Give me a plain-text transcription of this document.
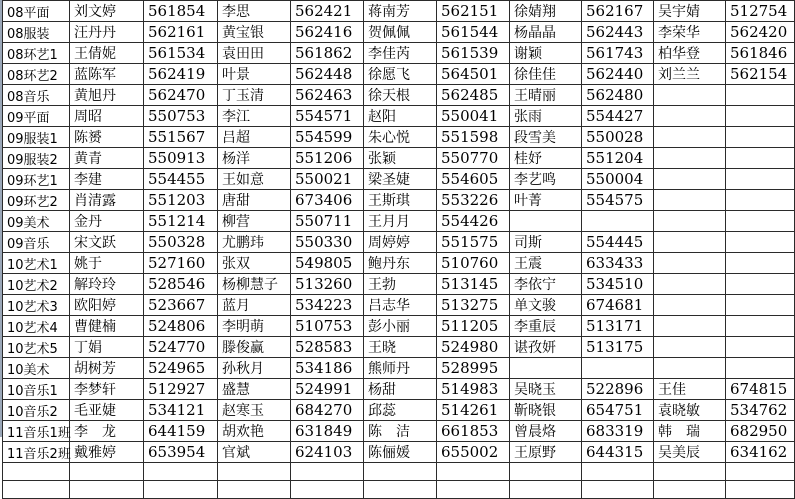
08平面	刘文婷	561854	李思	562421	蒋南芳	562151	徐婧翔	562167	吴宇婧	512754
08服装	汪丹丹	562161	黄宝银	562416	贺佩佩	561544	杨晶晶	562443	李荣华	562420
08环艺1	王倩妮	561534	袁田田	561862	李佳芮	561539	谢颖	561743	柏华登	561846
08环艺2	蓝陈军	562419	叶景	562448	徐愿飞	564501	徐佳佳	562440	刘兰兰	562154
08音乐	黄旭丹	562470	丁玉清	562463	徐天根	562485	王晴丽	562480		
09平面	周昭	550753	李江	554571	赵阳	550041	张雨	554427		
09服装1	陈赟	551567	吕超	554599	朱心悦	551598	段雪美	550028		
09服装2	黄青	550913	杨洋	551206	张颖	550770	桂妤	551204		
09环艺1	李建	554455	王如意	550021	梁圣婕	554605	李艺鸣	550004		
09环艺2	肖清露	551203	唐甜	673406	王斯琪	553226	叶菁	554575		
09美术	金丹	551214	柳营	550711	王月月	554426				
09音乐	宋文跃	550328	尤鹏玮	550330	周婷婷	551575	司斯	554445		
10艺术1	姚于	527160	张双	549805	鲍丹东	510760	王震	633433		
10艺术2	解玲玲	528546	杨柳慧子	513260	王勃	513145	李依宁	534510		
10艺术3	欧阳婷	523667	蓝月	534223	吕志华	513275	单文骏	674681		
10艺术4	曹健楠	524806	李明萌	510753	彭小丽	511205	李重辰	513171		
10艺术5	丁娟	524770	滕俊赢	528583	王晓	524980	谌孜妍	513175		
10美术	胡树芳	524965	孙秋月	534186	熊师丹	528995				
10音乐1	李梦轩	512927	盛慧	524991	杨甜	514983	吴晓玉	522896	王佳	674815
10音乐2	毛亚婕	534121	赵寒玉	684270	邱蕊	514261	靳晓银	654751	袁晓敏	534762
11音乐1班	李　龙	644159	胡欢艳	631849	陈　洁	661853	曾晨烙	683319	韩　瑞	682950
11音乐2班	戴雅婷	653954	官斌	624103	陈俪媛	655002	王原野	644315	吴美辰	634162
